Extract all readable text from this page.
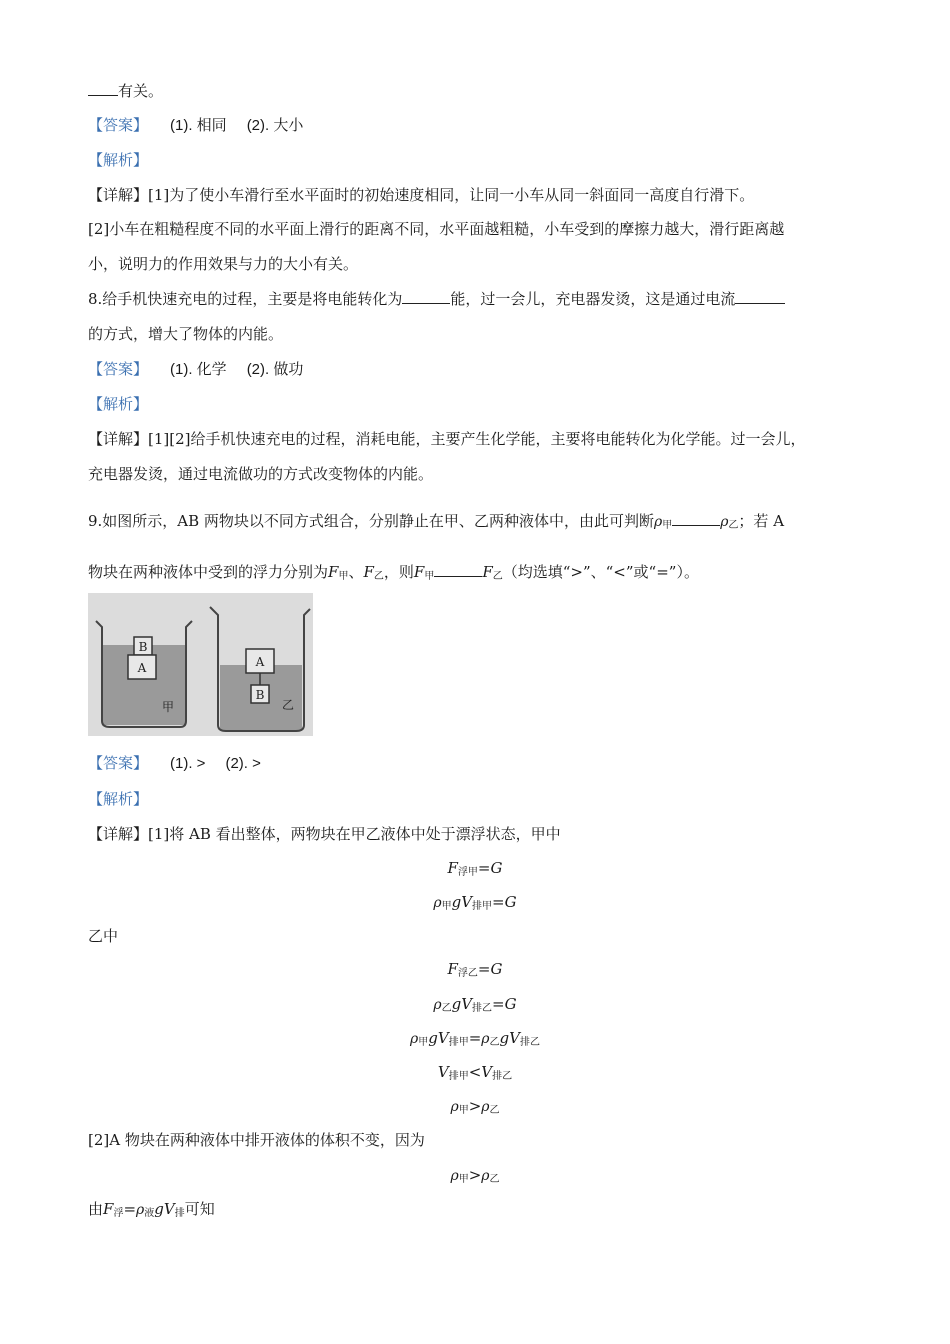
有关。
【答案】 (1). 相同 (2). 大小
【解析】
【详解】[1]为了使小车滑行至水平面时的初始速度相同，让同一小车从同一斜面同一高度自行滑下。
[2]小车在粗糙程度不同的水平面上滑行的距离不同，水平面越粗糙，小车受到的摩擦力越大，滑行距离越
小，说明力的作用效果与力的大小有关。
8.给手机快速充电的过程，主要是将电能转化为	能，过一会儿，充电器发烫，这是通过电流
的方式，增大了物体的内能。
【答案】 (1). 化学 (2). 做功
【解析】
【详解】[1][2]给手机快速充电的过程，消耗电能，主要产生化学能，主要将电能转化为化学能。过一会儿，
充电器发烫，通过电流做功的方式改变物体的内能。
9.如图所示，AB 两物块以不同方式组合，分别静止在甲、乙两种液体中，由此可判断$\rho_甲$	$\rho_乙$；若 A
物块在两种液体中受到的浮力分别为$F_甲$、$F_乙$，则$F_甲$	$F_乙$（均选填“>”、“<”或“=”）。
B
A
甲
A
B
乙
【答案】 (1). > (2). >
【解析】
【详解】[1]将 AB 看出整体，两物块在甲乙液体中处于漂浮状态，甲中
$F_{浮甲}=G$
$\rho_甲gV_{排甲}=G$
乙中
$F_{浮乙}=G$
$\rho_乙gV_{排乙}=G$
$\rho_甲gV_{排甲}=\rho_乙gV_{排乙}$
$V_{排甲}<V_{排乙}$
$\rho_甲>\rho_乙$
[2]A 物块在两种液体中排开液体的体积不变，因为
$\rho_甲>\rho_乙$
由$F_浮=\rho_液gV_排$可知
